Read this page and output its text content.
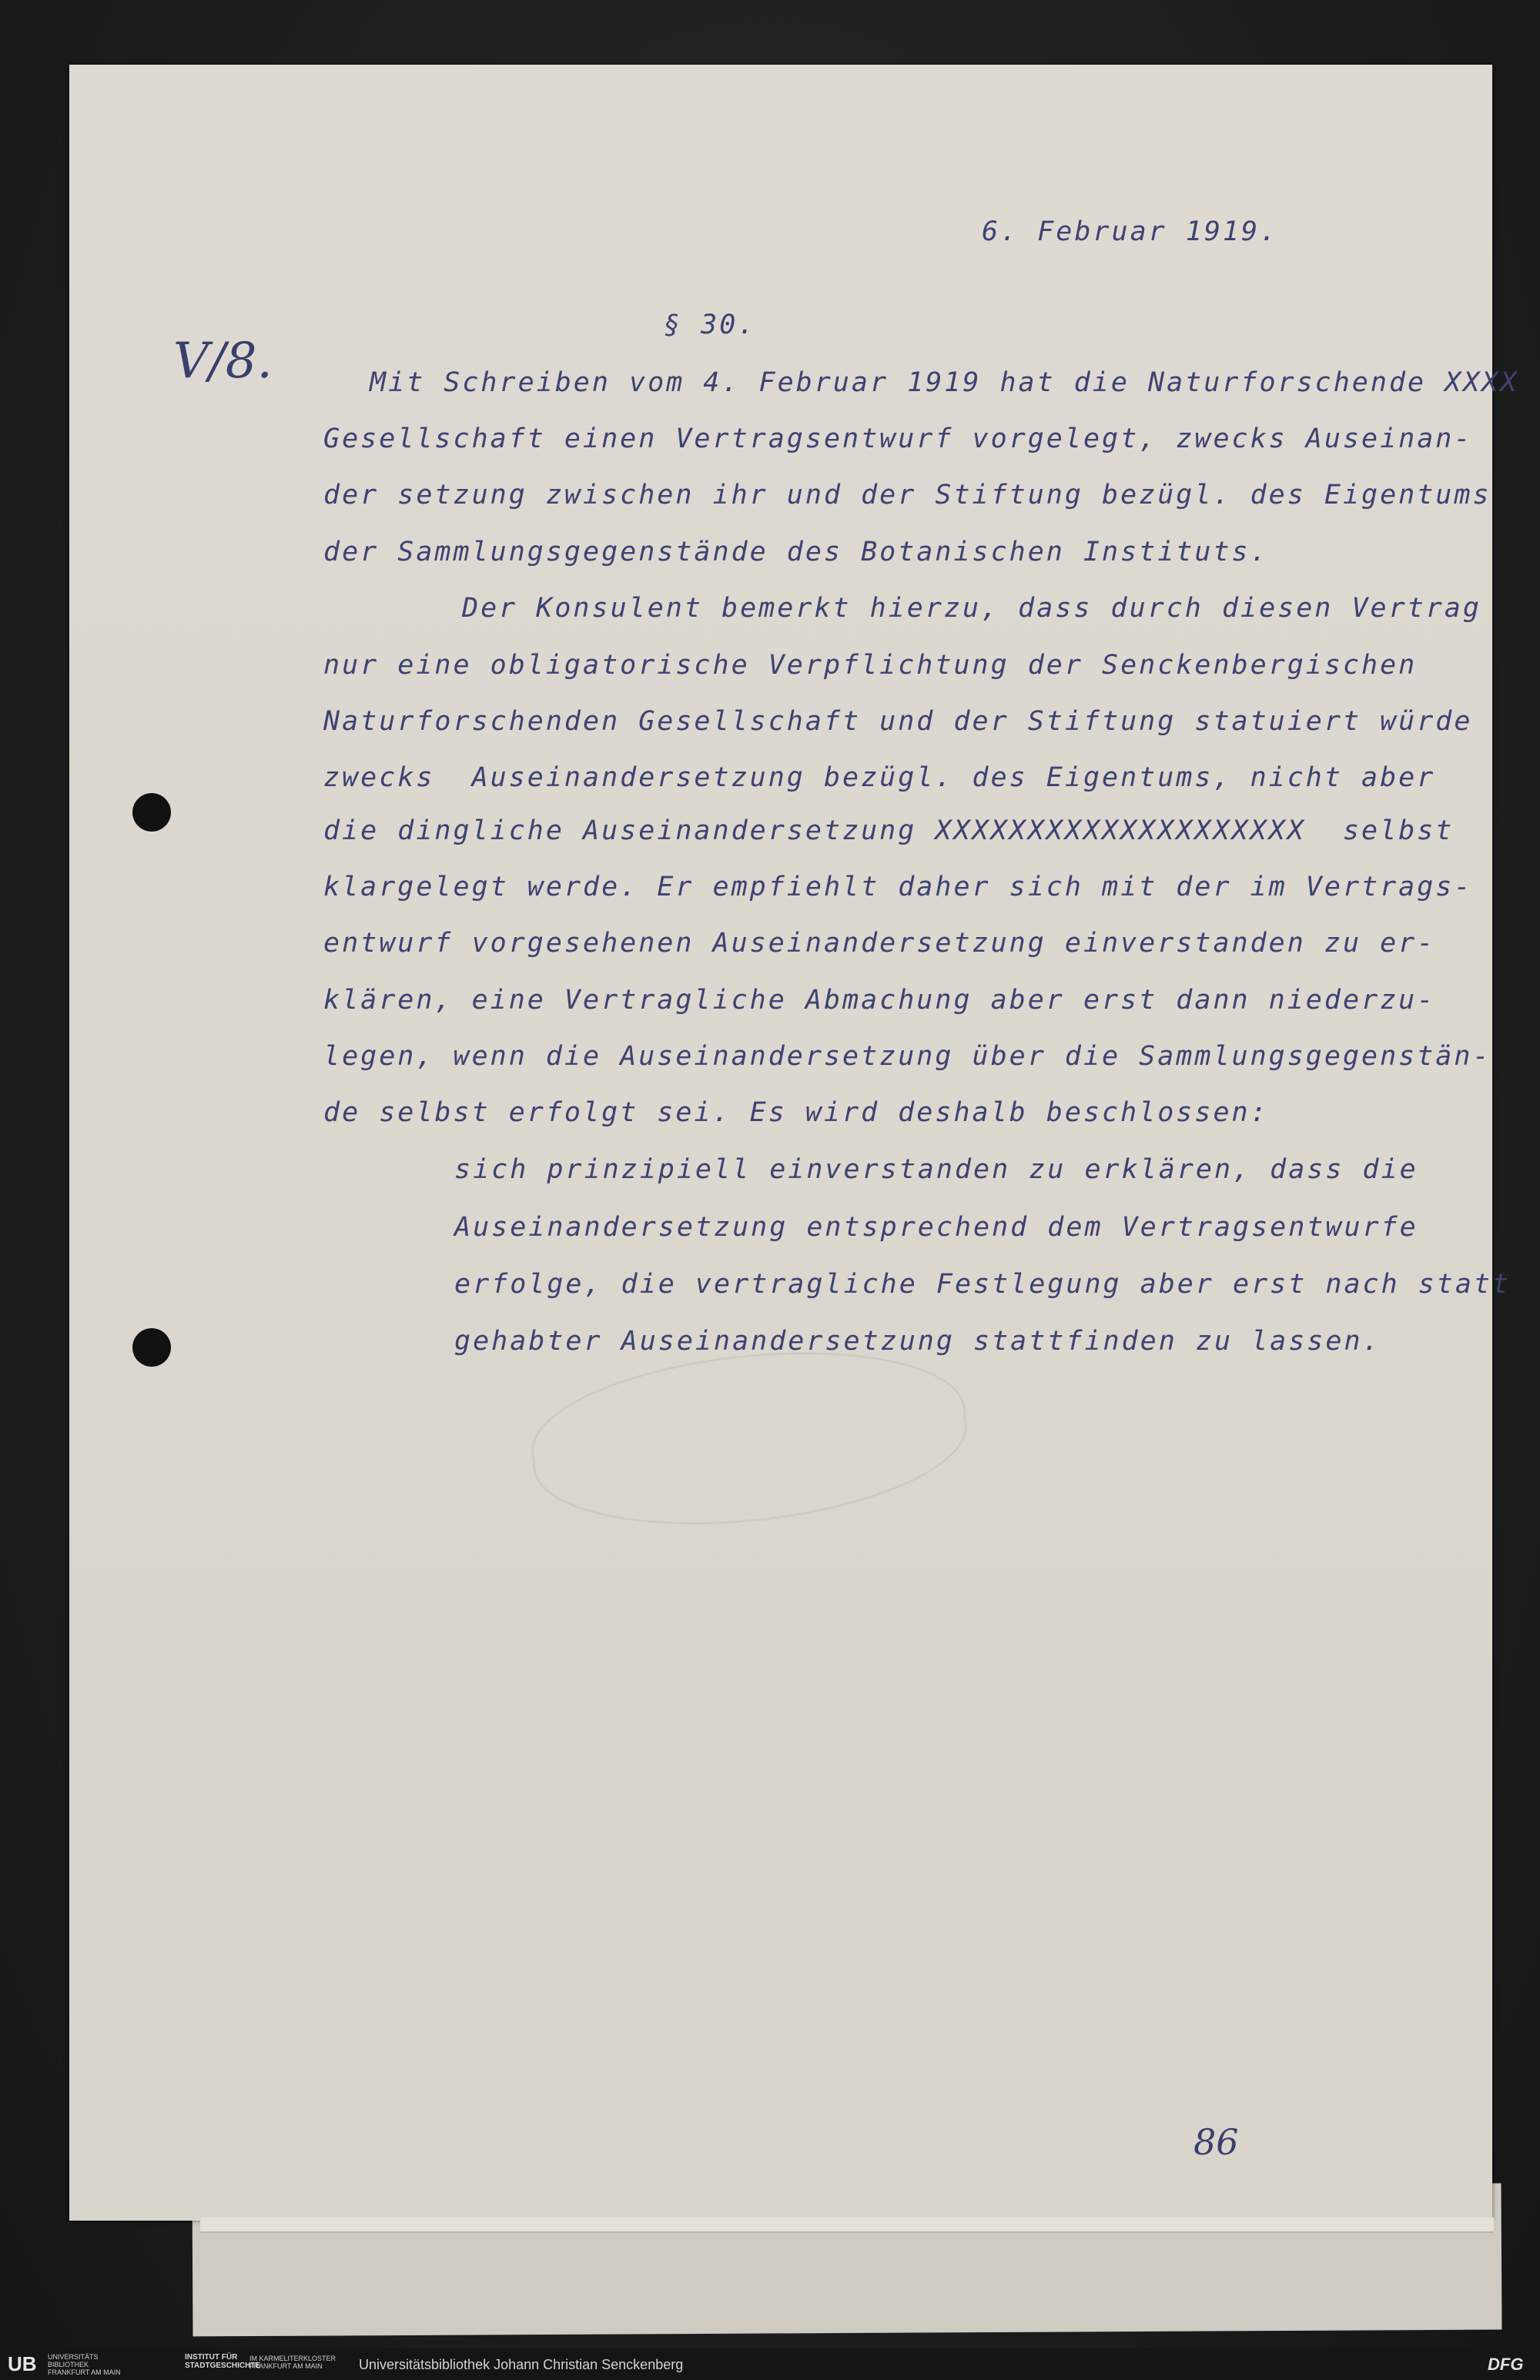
6. Februar 1919.
§ 30.
V/8.	Mit Schreiben vom 4. Februar 1919 hat die Naturforschende XXXX
Gesellschaft einen Vertragsentwurf vorgelegt, zwecks Auseinan-
der setzung zwischen ihr und der Stiftung bezügl. des Eigentums
der Sammlungsgegenstände des Botanischen Instituts.
Der Konsulent bemerkt hierzu, dass durch diesen Vertrag
nur eine obligatorische Verpflichtung der Senckenbergischen
Naturforschenden Gesellschaft und der Stiftung statuiert würde
zwecks  Auseinandersetzung bezügl. des Eigentums, nicht aber
die dingliche Auseinandersetzung XXXXXXXXXXXXXXXXXXXX  selbst
klargelegt werde. Er empfiehlt daher sich mit der im Vertrags-
entwurf vorgesehenen Auseinandersetzung einverstanden zu er-
klären, eine Vertragliche Abmachung aber erst dann niederzu-
legen, wenn die Auseinandersetzung über die Sammlungsgegenstän-
de selbst erfolgt sei. Es wird deshalb beschlossen:
sich prinzipiell einverstanden zu erklären, dass die
Auseinandersetzung entsprechend dem Vertragsentwurfe
erfolge, die vertragliche Festlegung aber erst nach statt
gehabter Auseinandersetzung stattfinden zu lassen.
86
UB UNIVERSITÄTS
BIBLIOTHEK
FRANKFURT AM MAIN
INSTITUT FÜR
STADTGESCHICHTE
IM KARMELITERKLOSTER
FRANKFURT AM MAIN	Universitätsbibliothek Johann Christian Senckenberg	DFG
